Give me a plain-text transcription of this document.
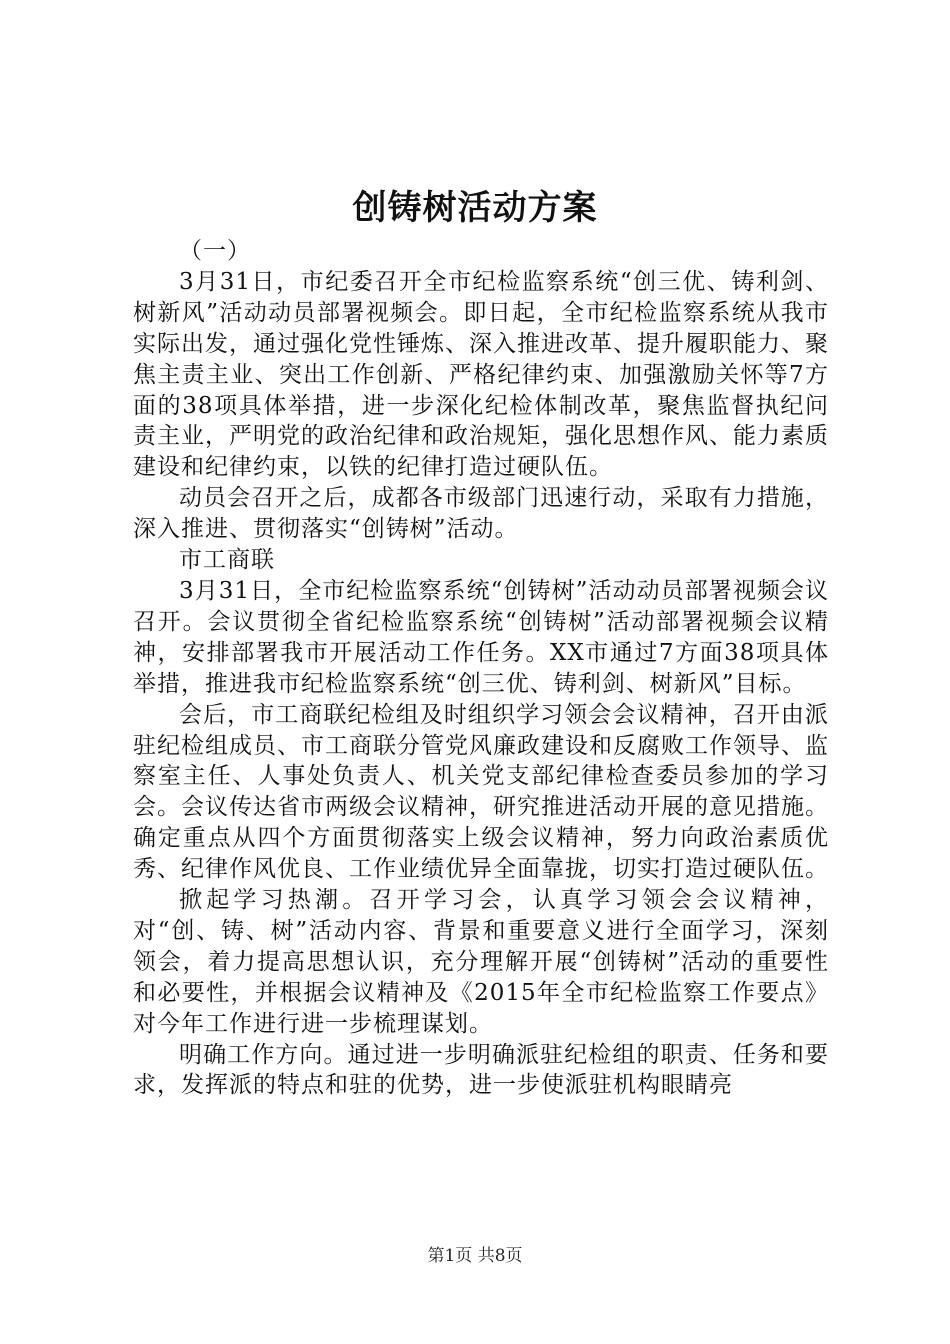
创铸树活动方案

（一）

3月31日，市纪委召开全市纪检监察系统“创三优、铸利剑、树新风”活动动员部署视频会。即日起，全市纪检监察系统从我市实际出发，通过强化党性锤炼、深入推进改革、提升履职能力、聚焦主责主业、突出工作创新、严格纪律约束、加强激励关怀等7方面的38项具体举措，进一步深化纪检体制改革，聚焦监督执纪问责主业，严明党的政治纪律和政治规矩，强化思想作风、能力素质建设和纪律约束，以铁的纪律打造过硬队伍。

动员会召开之后，成都各市级部门迅速行动，采取有力措施，深入推进、贯彻落实“创铸树”活动。

市工商联

3月31日，全市纪检监察系统“创铸树”活动动员部署视频会议召开。会议贯彻全省纪检监察系统“创铸树”活动部署视频会议精神，安排部署我市开展活动工作任务。XX市通过7方面38项具体举措，推进我市纪检监察系统“创三优、铸利剑、树新风”目标。

会后，市工商联纪检组及时组织学习领会会议精神，召开由派驻纪检组成员、市工商联分管党风廉政建设和反腐败工作领导、监察室主任、人事处负责人、机关党支部纪律检查委员参加的学习会。会议传达省市两级会议精神，研究推进活动开展的意见措施。确定重点从四个方面贯彻落实上级会议精神，努力向政治素质优秀、纪律作风优良、工作业绩优异全面靠拢，切实打造过硬队伍。

掀起学习热潮。召开学习会，认真学习领会会议精神，对“创、铸、树”活动内容、背景和重要意义进行全面学习，深刻领会，着力提高思想认识，充分理解开展“创铸树”活动的重要性和必要性，并根据会议精神及《2015年全市纪检监察工作要点》对今年工作进行进一步梳理谋划。

明确工作方向。通过进一步明确派驻纪检组的职责、任务和要求，发挥派的特点和驻的优势，进一步使派驻机构眼睛亮

第1页 共8页
